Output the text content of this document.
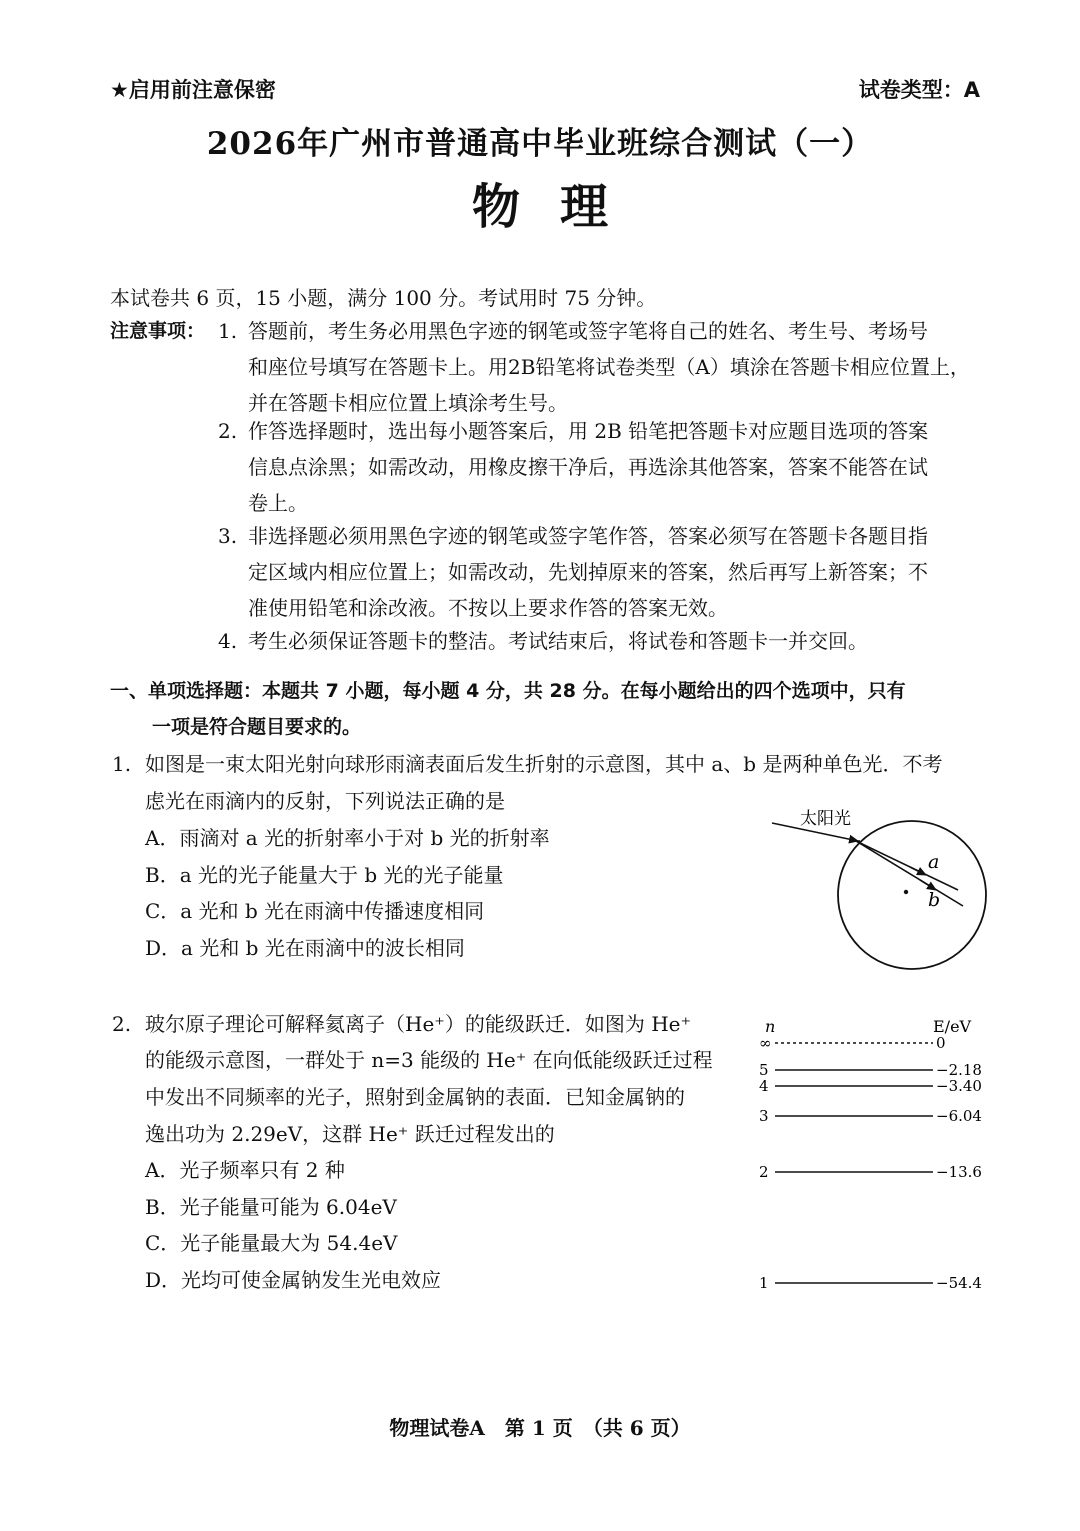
★启用前注意保密	试卷类型：A
2026年广州市普通高中毕业班综合测试（一）
物理
本试卷共 6 页，15 小题，满分 100 分。考试用时 75 分钟。
注意事项： 1. 答题前，考生务必用黑色字迹的钢笔或签字笔将自己的姓名、考生号、考场号
和座位号填写在答题卡上。用2B铅笔将试卷类型（A）填涂在答题卡相应位置上，
并在答题卡相应位置上填涂考生号。
2. 作答选择题时，选出每小题答案后，用 2B 铅笔把答题卡对应题目选项的答案
信息点涂黑；如需改动，用橡皮擦干净后，再选涂其他答案，答案不能答在试
卷上。
3. 非选择题必须用黑色字迹的钢笔或签字笔作答，答案必须写在答题卡各题目指
定区域内相应位置上；如需改动，先划掉原来的答案，然后再写上新答案；不
准使用铅笔和涂改液。不按以上要求作答的答案无效。
4. 考生必须保证答题卡的整洁。考试结束后，将试卷和答题卡一并交回。
一、单项选择题：本题共 7 小题，每小题 4 分，共 28 分。在每小题给出的四个选项中，只有
一项是符合题目要求的。
1. 如图是一束太阳光射向球形雨滴表面后发生折射的示意图，其中 a、b 是两种单色光．不考
虑光在雨滴内的反射，下列说法正确的是
A．雨滴对 a 光的折射率小于对 b 光的折射率
B．a 光的光子能量大于 b 光的光子能量
C．a 光和 b 光在雨滴中传播速度相同
D．a 光和 b 光在雨滴中的波长相同
太阳光
a
b
2. 玻尔原子理论可解释氦离子（He⁺）的能级跃迁．如图为 He⁺
的能级示意图，一群处于 n=3 能级的 He⁺ 在向低能级跃迁过程
中发出不同频率的光子，照射到金属钠的表面．已知金属钠的
逸出功为 2.29eV，这群 He⁺ 跃迁过程发出的
A．光子频率只有 2 种
B．光子能量可能为 6.04eV
C．光子能量最大为 54.4eV
D．光均可使金属钠发生光电效应
n	E/eV
∞	0
5	−2.18
4	−3.40
3	−6.04
2	−13.6
1	−54.4
物理试卷A　第 1 页　（共 6 页）
